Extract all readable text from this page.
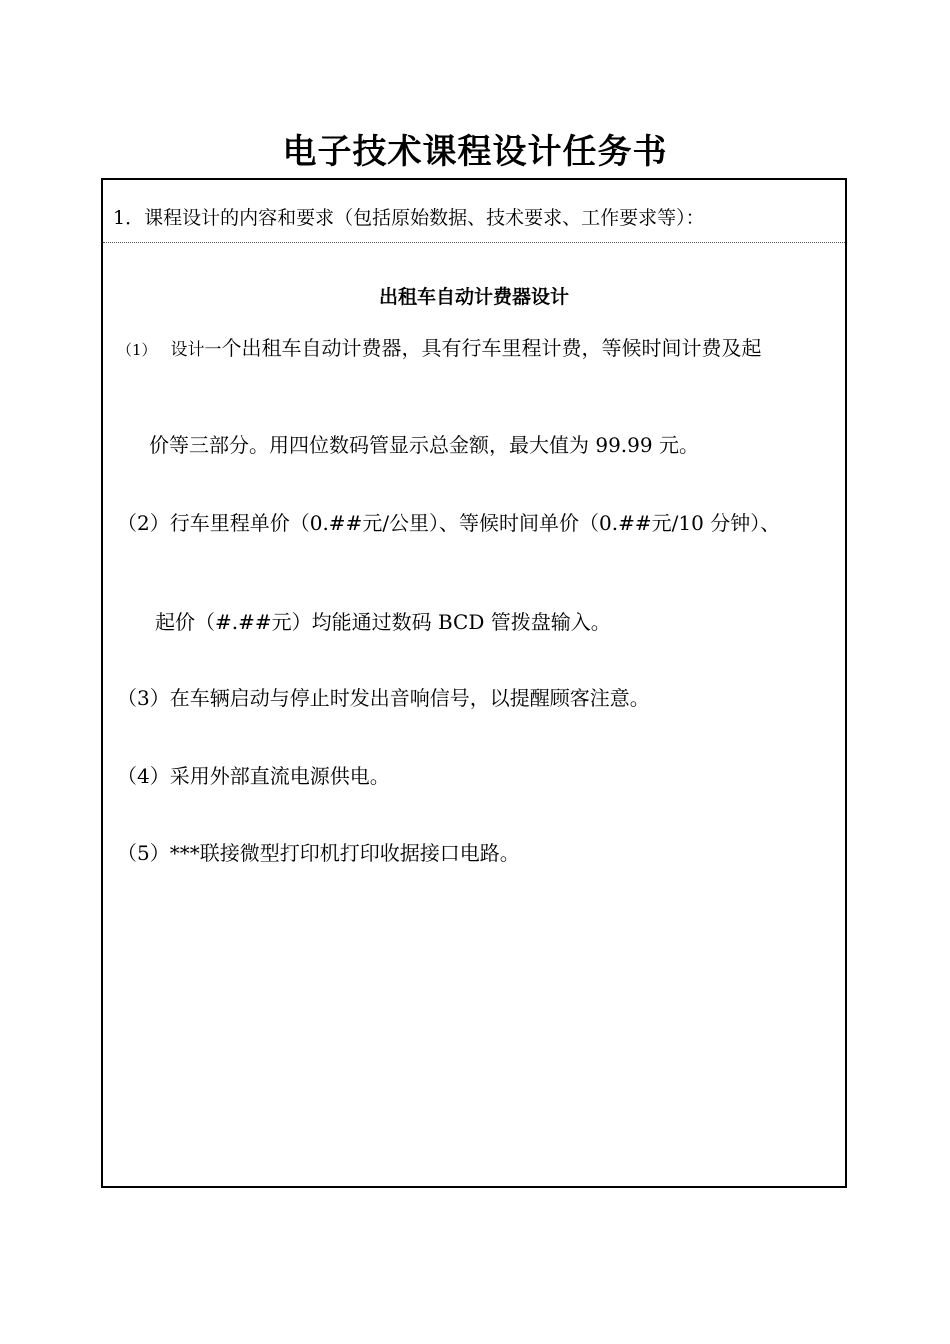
电子技术课程设计任务书
1．课程设计的内容和要求（包括原始数据、技术要求、工作要求等）：
出租车自动计费器设计
（1） 设计一个出租车自动计费器，具有行车里程计费，等候时间计费及起
价等三部分。用四位数码管显示总金额，最大值为 99.99 元。
（2）行车里程单价（0.##元/公里）、等候时间单价（0.##元/10 分钟）、
起价（#.##元）均能通过数码 BCD 管拨盘输入。
（3）在车辆启动与停止时发出音响信号，以提醒顾客注意。
（4）采用外部直流电源供电。
（5）***联接微型打印机打印收据接口电路。
